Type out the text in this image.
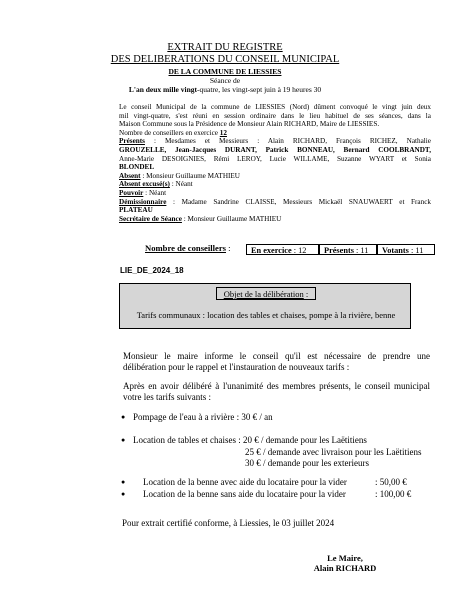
EXTRAIT DU REGISTRE
DES DELIBERATIONS DU CONSEIL MUNICIPAL
DE LA COMMUNE DE LIESSIES
Séance de
L'an deux mille vingt-quatre, les vingt-sept juin à 19 heures 30
Le conseil Municipal de la commune de LIESSIES (Nord) dûment convoqué le vingt juin deux
mil vingt-quatre, s'est réuni en session ordinaire dans le lieu habituel de ses séances, dans la
Maison Commune sous la Présidence de Monsieur Alain RICHARD, Maire de LIESSIES.
Nombre de conseillers en exercice 12
Présents : Mesdames et Messieurs : Alain RICHARD, François RICHEZ, Nathalie
GROUZELLE, Jean-Jacques DURANT, Patrick BONNEAU, Bernard COOLBRANDT,
Anne-Marie DESOIGNIES, Rémi LEROY, Lucie WILLAME, Suzanne WYART et Sonia
BLONDEL
Absent : Monsieur Guillaume MATHIEU
Absent excusé(s) : Néant
Pouvoir : Néant
Démissionnaire : Madame Sandrine CLAISSE, Messieurs Mickaël SNAUWAERT et Franck
PLATEAU
Secrétaire de Séance : Monsieur Guillaume MATHIEU
Nombre de conseillers :	En exercice : 12	Présents : 11	Votants : 11
LIE_DE_2024_18
Objet de la délibération :
Tarifs communaux : location des tables et chaises, pompe à la rivière, benne
Monsieur le maire informe le conseil qu'il est nécessaire de prendre une
délibération pour le rappel et l'instauration de nouveaux tarifs :
Après en avoir délibéré à l'unanimité des membres présents, le conseil municipal
votre les tarifs suivants :
● Pompage de l'eau à a rivière : 30 € / an
● Location de tables et chaises : 20 € / demande pour les Laëtitiens
25 € / demande avec livraison pour les Laëtitiens
30 € / demande pour les exterieurs
● Location de la benne avec aide du locataire pour la vider	: 50,00 €
● Location de la benne sans aide du locataire pour la vider	: 100,00 €
Pour extrait certifié conforme, à Liessies, le 03 juillet 2024
Le Maire,
Alain RICHARD
